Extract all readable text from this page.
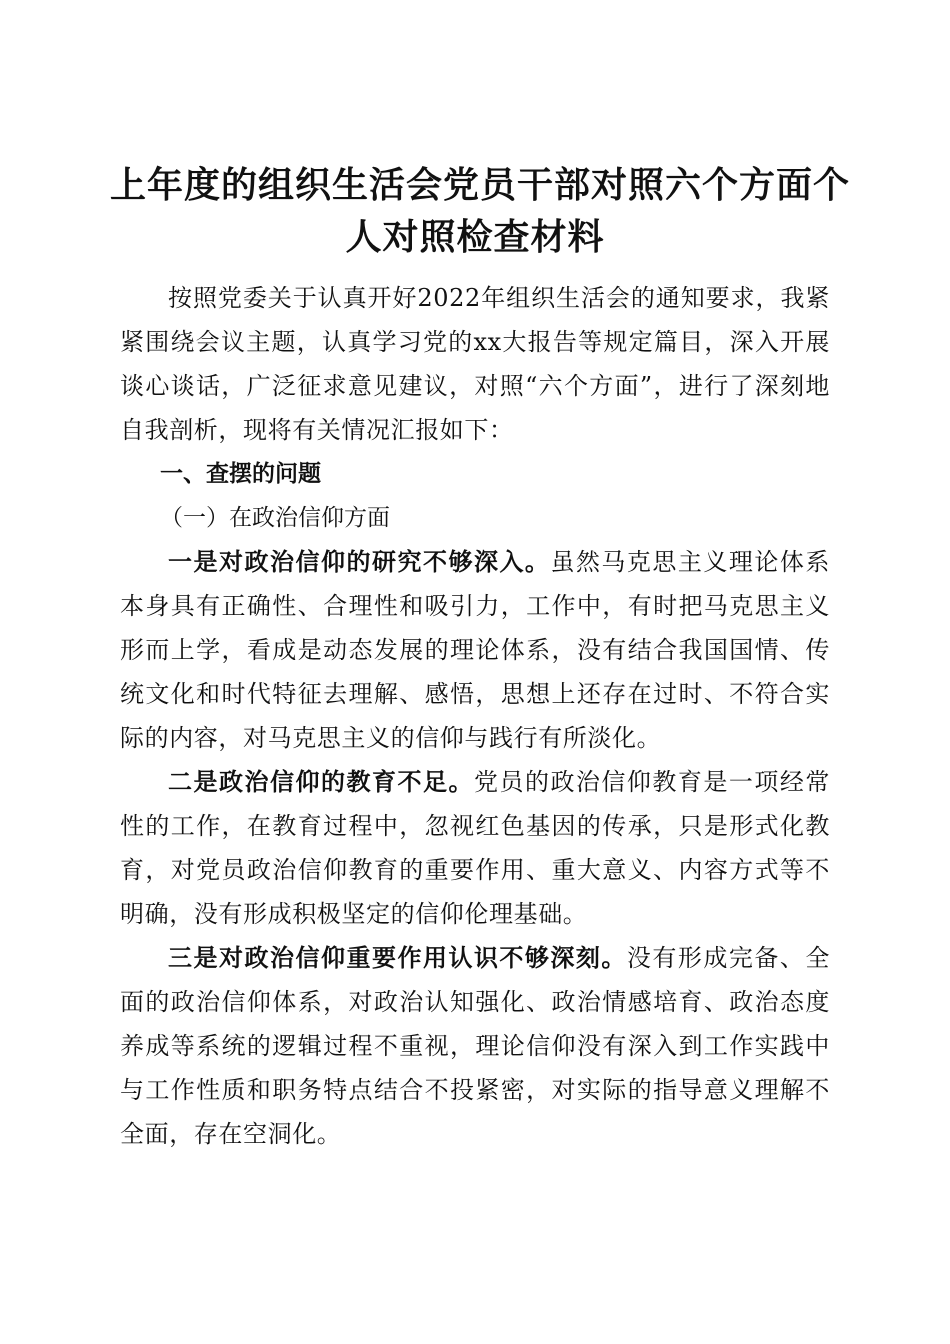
上年度的组织生活会党员干部对照六个方面个
人对照检查材料

按照党委关于认真开好2022年组织生活会的通知要求，我紧紧围绕会议主题，认真学习党的xx大报告等规定篇目，深入开展谈心谈话，广泛征求意见建议，对照“六个方面”，进行了深刻地自我剖析，现将有关情况汇报如下：

一、查摆的问题

（一）在政治信仰方面

一是对政治信仰的研究不够深入。虽然马克思主义理论体系本身具有正确性、合理性和吸引力，工作中，有时把马克思主义形而上学，看成是动态发展的理论体系，没有结合我国国情、传统文化和时代特征去理解、感悟，思想上还存在过时、不符合实际的内容，对马克思主义的信仰与践行有所淡化。

二是政治信仰的教育不足。党员的政治信仰教育是一项经常性的工作，在教育过程中，忽视红色基因的传承，只是形式化教育，对党员政治信仰教育的重要作用、重大意义、内容方式等不明确，没有形成积极坚定的信仰伦理基础。

三是对政治信仰重要作用认识不够深刻。没有形成完备、全面的政治信仰体系，对政治认知强化、政治情感培育、政治态度养成等系统的逻辑过程不重视，理论信仰没有深入到工作实践中与工作性质和职务特点结合不投紧密，对实际的指导意义理解不全面，存在空洞化。
